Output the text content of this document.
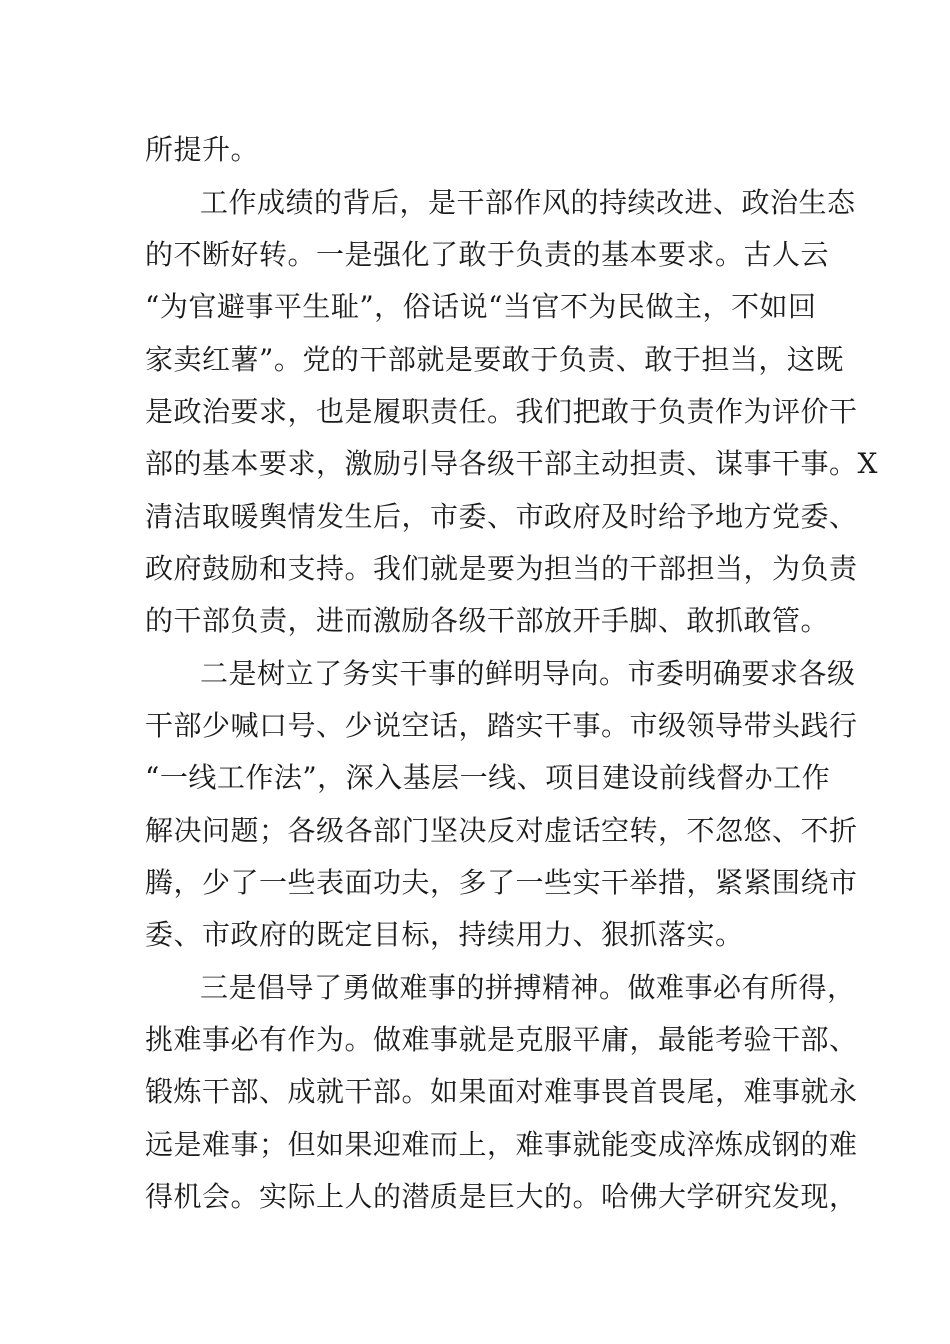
所提升。
工作成绩的背后，是干部作风的持续改进、政治生态
的不断好转。一是强化了敢于负责的基本要求。古人云
“为官避事平生耻”，俗话说“当官不为民做主，不如回
家卖红薯”。党的干部就是要敢于负责、敢于担当，这既
是政治要求，也是履职责任。我们把敢于负责作为评价干
部的基本要求，激励引导各级干部主动担责、谋事干事。X
清洁取暖舆情发生后，市委、市政府及时给予地方党委、
政府鼓励和支持。我们就是要为担当的干部担当，为负责
的干部负责，进而激励各级干部放开手脚、敢抓敢管。
二是树立了务实干事的鲜明导向。市委明确要求各级
干部少喊口号、少说空话，踏实干事。市级领导带头践行
“一线工作法”，深入基层一线、项目建设前线督办工作
解决问题；各级各部门坚决反对虚话空转，不忽悠、不折
腾，少了一些表面功夫，多了一些实干举措，紧紧围绕市
委、市政府的既定目标，持续用力、狠抓落实。
三是倡导了勇做难事的拼搏精神。做难事必有所得，
挑难事必有作为。做难事就是克服平庸，最能考验干部、
锻炼干部、成就干部。如果面对难事畏首畏尾，难事就永
远是难事；但如果迎难而上，难事就能变成淬炼成钢的难
得机会。实际上人的潜质是巨大的。哈佛大学研究发现，
